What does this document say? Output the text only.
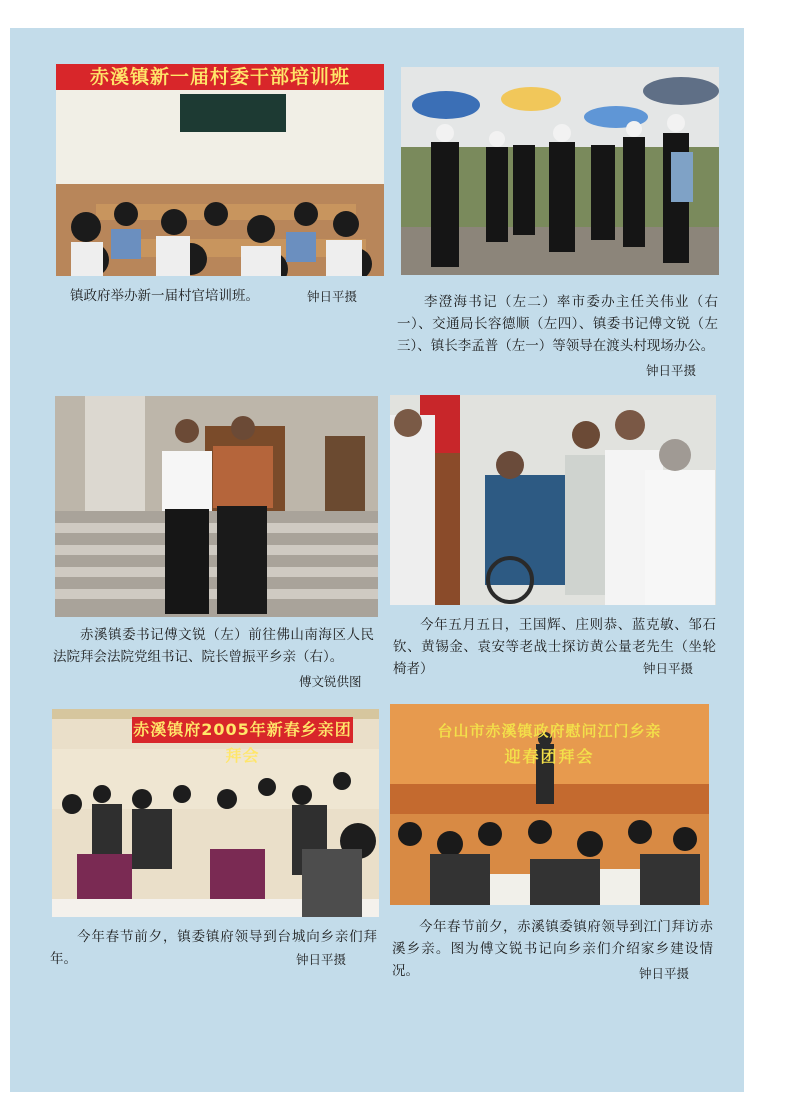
赤溪镇新一届村委干部培训班
镇政府举办新一届村官培训班。	钟日平摄	李澄海书记（左二）率市委办主任关伟业（右一）、交通局长容德顺（左四）、镇委书记傅文锐（左三）、镇长李孟普（左一）等领导在渡头村现场办公。

钟日平摄

赤溪镇委书记傅文锐（左）前往佛山南海区人民法院拜会法院党组书记、院长曾振平乡亲（右）。

傅文锐供图

今年五月五日，王国辉、庄则恭、蓝克敏、邹石钦、黄锡金、袁安等老战士探访黄公量老先生（坐轮椅者）	钟日平摄
赤溪镇府2005年新春乡亲团拜会

今年春节前夕，镇委镇府领导到台城向乡亲们拜年。	钟日平摄
台山市赤溪镇政府慰问江门乡亲
迎春团拜会

今年春节前夕，赤溪镇委镇府领导到江门拜访赤溪乡亲。图为傅文锐书记向乡亲们介绍家乡建设情况。	钟日平摄
